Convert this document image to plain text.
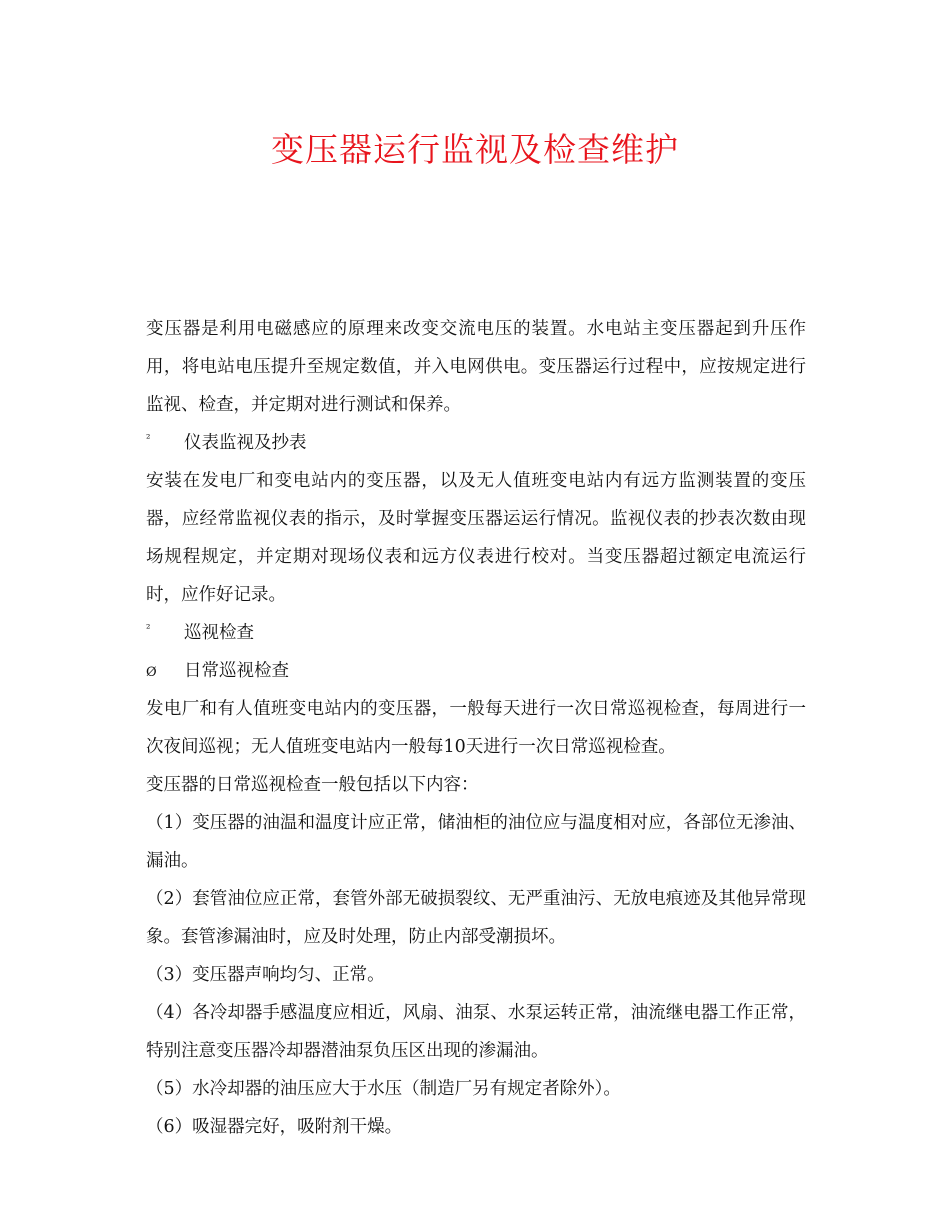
变压器运行监视及检查维护

变压器是利用电磁感应的原理来改变交流电压的装置。水电站主变压器起到升压作用，将电站电压提升至规定数值，并入电网供电。变压器运行过程中，应按规定进行监视、检查，并定期对进行测试和保养。

²	仪表监视及抄表

安装在发电厂和变电站内的变压器，以及无人值班变电站内有远方监测装置的变压器，应经常监视仪表的指示，及时掌握变压器运运行情况。监视仪表的抄表次数由现场规程规定，并定期对现场仪表和远方仪表进行校对。当变压器超过额定电流运行时，应作好记录。

²	巡视检查
Ø	日常巡视检查

发电厂和有人值班变电站内的变压器，一般每天进行一次日常巡视检查，每周进行一次夜间巡视；无人值班变电站内一般每10天进行一次日常巡视检查。

变压器的日常巡视检查一般包括以下内容：

（1）变压器的油温和温度计应正常，储油柜的油位应与温度相对应，各部位无渗油、漏油。

（2）套管油位应正常，套管外部无破损裂纹、无严重油污、无放电痕迹及其他异常现象。套管渗漏油时，应及时处理，防止内部受潮损坏。

（3）变压器声响均匀、正常。

（4）各冷却器手感温度应相近，风扇、油泵、水泵运转正常，油流继电器工作正常，特别注意变压器冷却器潜油泵负压区出现的渗漏油。

（5）水冷却器的油压应大于水压（制造厂另有规定者除外）。

（6）吸湿器完好，吸附剂干燥。
